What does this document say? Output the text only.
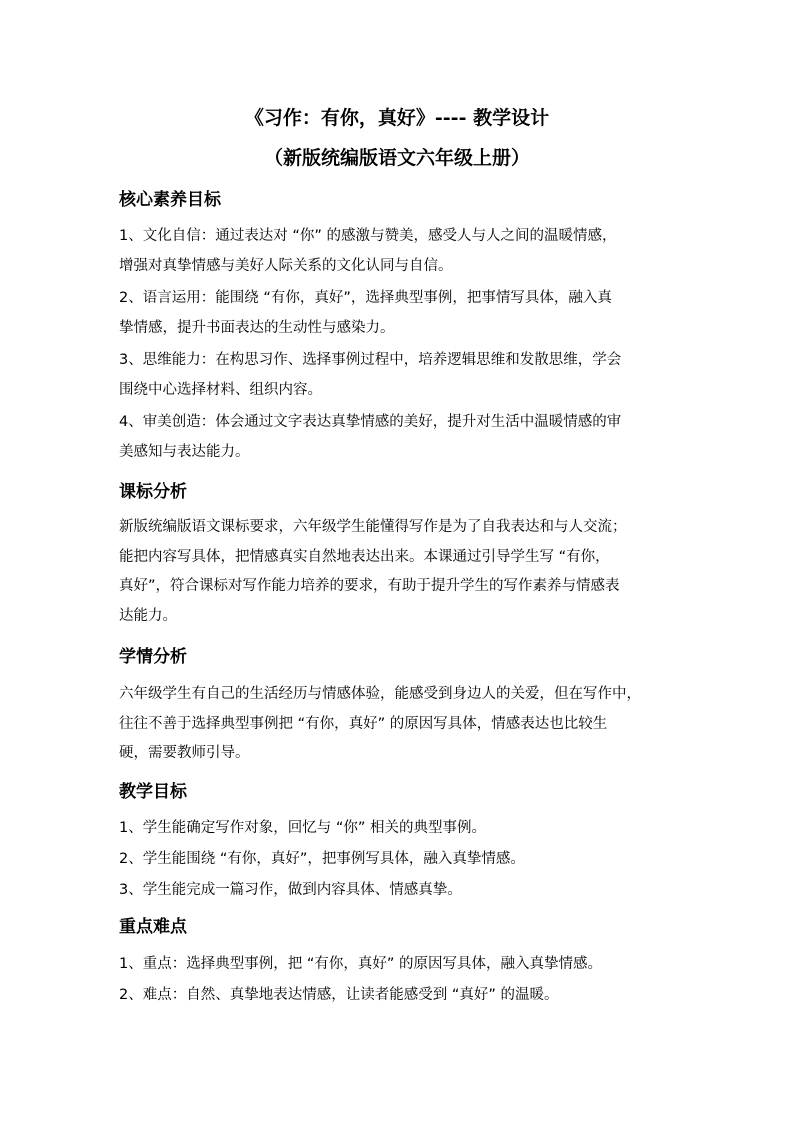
《习作：有你，真好》---- 教学设计
（新版统编版语文六年级上册）
核心素养目标
1、文化自信：通过表达对 “你” 的感激与赞美，感受人与人之间的温暖情感，
增强对真挚情感与美好人际关系的文化认同与自信。
2、语言运用：能围绕 “有你，真好”，选择典型事例，把事情写具体，融入真
挚情感，提升书面表达的生动性与感染力。
3、思维能力：在构思习作、选择事例过程中，培养逻辑思维和发散思维，学会
围绕中心选择材料、组织内容。
4、审美创造：体会通过文字表达真挚情感的美好，提升对生活中温暖情感的审
美感知与表达能力。
课标分析
新版统编版语文课标要求，六年级学生能懂得写作是为了自我表达和与人交流；
能把内容写具体，把情感真实自然地表达出来。本课通过引导学生写 “有你，
真好”，符合课标对写作能力培养的要求，有助于提升学生的写作素养与情感表
达能力。
学情分析
六年级学生有自己的生活经历与情感体验，能感受到身边人的关爱，但在写作中，
往往不善于选择典型事例把 “有你，真好” 的原因写具体，情感表达也比较生
硬，需要教师引导。
教学目标
1、学生能确定写作对象，回忆与 “你” 相关的典型事例。
2、学生能围绕 “有你，真好”，把事例写具体，融入真挚情感。
3、学生能完成一篇习作，做到内容具体、情感真挚。
重点难点
1、重点：选择典型事例，把 “有你，真好” 的原因写具体，融入真挚情感。
2、难点：自然、真挚地表达情感，让读者能感受到 “真好” 的温暖。
